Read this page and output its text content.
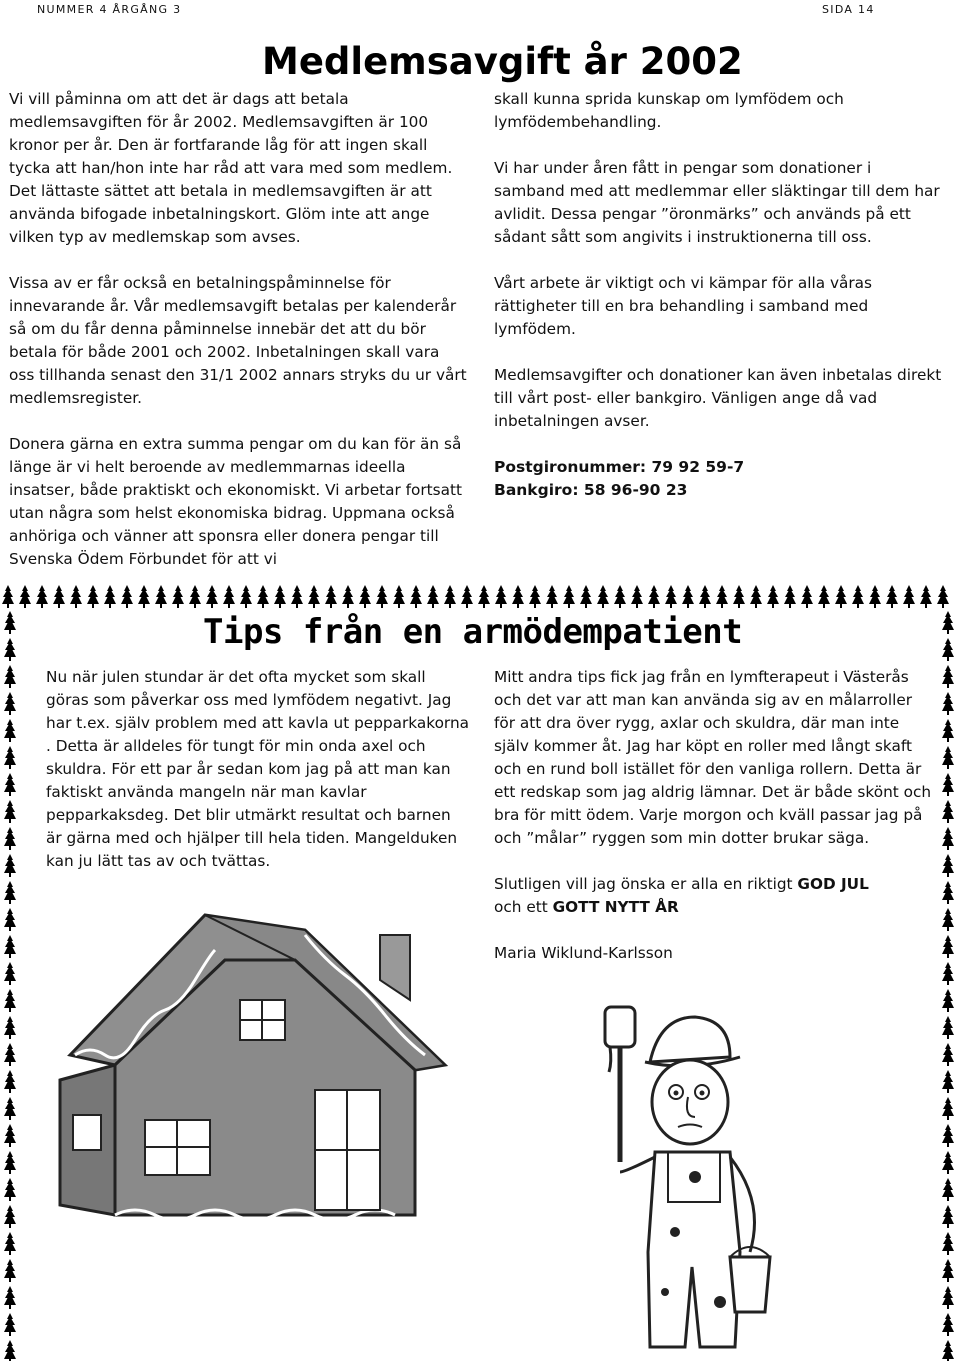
NUMMER 4 ÅRGÅNG 3	SIDA 14
Medlemsavgift år 2002

Vi vill påminna om att det är dags att betala medlemsavgiften för år 2002. Medlemsavgiften är 100 kronor per år. Den är fortfarande låg för att ingen skall tycka att han/hon inte har råd att vara med som medlem. Det lättaste sättet att betala in medlemsavgiften är att använda bifogade inbetalningskort. Glöm inte att ange vilken typ av medlemskap som avses.

Vissa av er får också en betalningspåminnelse för innevarande år. Vår medlemsavgift betalas per kalenderår så om du får denna påminnelse innebär det att du bör betala för både 2001 och 2002. Inbetalningen skall vara oss tillhanda senast den 31/1 2002 annars stryks du ur vårt medlemsregister.

Donera gärna en extra summa pengar om du kan för än så länge är vi helt beroende av medlemmarnas ideella insatser, både praktiskt och ekonomiskt. Vi arbetar fortsatt utan några som helst ekonomiska bidrag. Uppmana också anhöriga och vänner att sponsra eller donera pengar till Svenska Ödem Förbundet för att vi

skall kunna sprida kunskap om lymfödem och lymfödembehandling.

Vi har under åren fått in pengar som donationer i samband med att medlemmar eller släktingar till dem har avlidit. Dessa pengar ”öronmärks” och används på ett sådant sått som angivits i instruktionerna till oss.

Vårt arbete är viktigt och vi kämpar för alla våras rättigheter till en bra behandling i samband med lymfödem.

Medlemsavgifter och donationer kan även inbetalas direkt till vårt post- eller bankgiro. Vänligen ange då vad inbetalningen avser.

Postgironummer: 79 92 59-7
Bankgiro: 58 96-90 23
Tips från en armödempatient

Nu när julen stundar är det ofta mycket som skall göras som påverkar oss med lymfödem negativt. Jag har t.ex. själv problem med att kavla ut pepparkakorna . Detta är alldeles för tungt för min onda axel och skuldra. För ett par år sedan kom jag på att man kan faktiskt använda mangeln när man kavlar pepparkaksdeg. Det blir utmärkt resultat och barnen är gärna med och hjälper till hela tiden. Mangelduken kan ju lätt tas av och tvättas.

Mitt andra tips fick jag från en lymfterapeut i Västerås och det var att man kan använda sig av en målarroller för att dra över rygg, axlar och skuldra, där man inte själv kommer åt. Jag har köpt en roller med långt skaft och en rund boll istället för den vanliga rollern. Detta är ett redskap som jag aldrig lämnar. Det är både skönt och bra för mitt ödem. Varje morgon och kväll passar jag på och ”målar” ryggen som min dotter brukar säga.

Slutligen vill jag önska er alla en riktigt GOD JUL
och ett GOTT NYTT ÅR

Maria Wiklund-Karlsson
